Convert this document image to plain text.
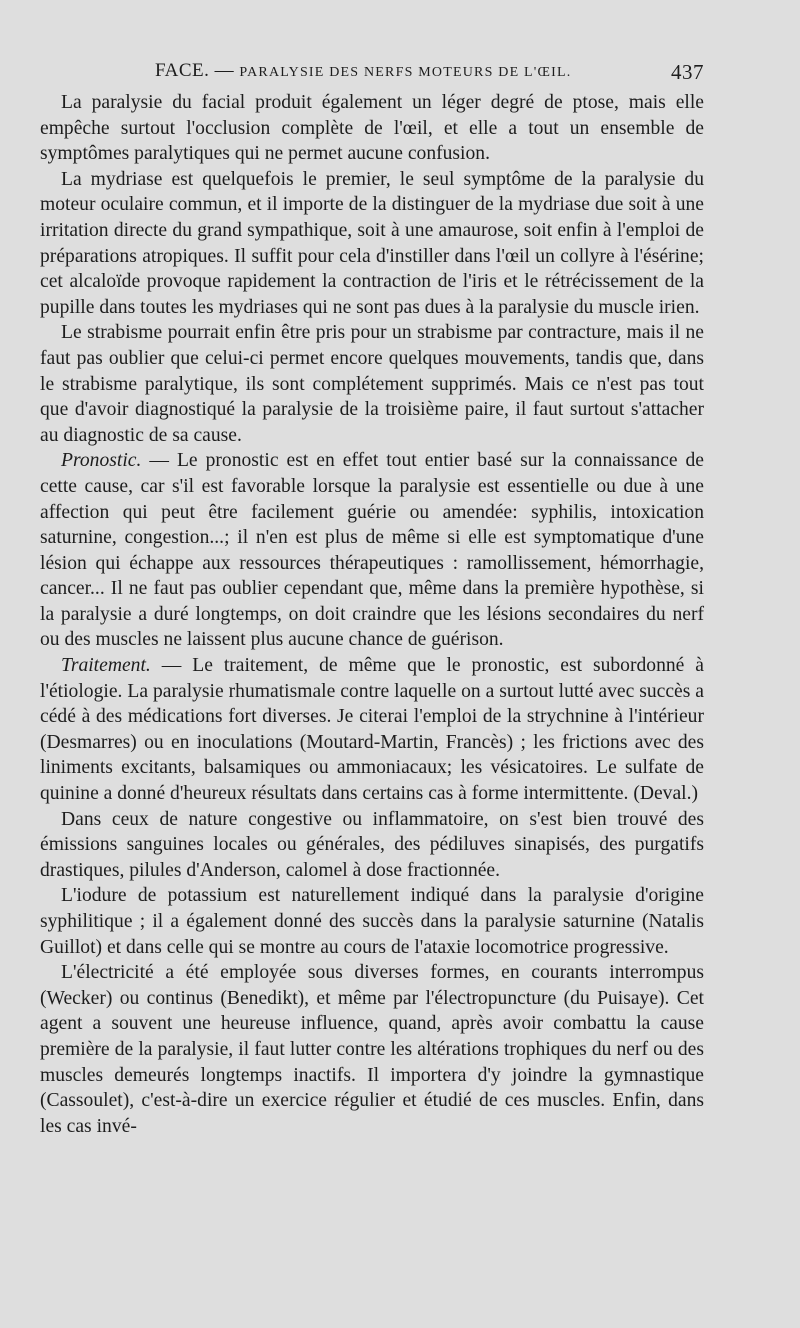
FACE. — PARALYSIE DES NERFS MOTEURS DE L'ŒIL.	437

La paralysie du facial produit également un léger degré de ptose, mais elle empêche surtout l'occlusion complète de l'œil, et elle a tout un ensemble de symptômes paralytiques qui ne permet aucune confusion.

La mydriase est quelquefois le premier, le seul symptôme de la paralysie du moteur oculaire commun, et il importe de la distinguer de la mydriase due soit à une irritation directe du grand sympathique, soit à une amaurose, soit enfin à l'emploi de préparations atropiques. Il suffit pour cela d'instiller dans l'œil un collyre à l'ésérine; cet alcaloïde provoque rapidement la contraction de l'iris et le rétrécissement de la pupille dans toutes les mydriases qui ne sont pas dues à la paralysie du muscle irien.

Le strabisme pourrait enfin être pris pour un strabisme par contracture, mais il ne faut pas oublier que celui-ci permet encore quelques mouvements, tandis que, dans le strabisme paralytique, ils sont complétement supprimés. Mais ce n'est pas tout que d'avoir diagnostiqué la paralysie de la troisième paire, il faut surtout s'attacher au diagnostic de sa cause.

Pronostic. — Le pronostic est en effet tout entier basé sur la connaissance de cette cause, car s'il est favorable lorsque la paralysie est essentielle ou due à une affection qui peut être facilement guérie ou amendée: syphilis, intoxication saturnine, congestion...; il n'en est plus de même si elle est symptomatique d'une lésion qui échappe aux ressources thérapeutiques : ramollissement, hémorrhagie, cancer... Il ne faut pas oublier cependant que, même dans la première hypothèse, si la paralysie a duré longtemps, on doit craindre que les lésions secondaires du nerf ou des muscles ne laissent plus aucune chance de guérison.

Traitement. — Le traitement, de même que le pronostic, est subordonné à l'étiologie. La paralysie rhumatismale contre laquelle on a surtout lutté avec succès a cédé à des médications fort diverses. Je citerai l'emploi de la strychnine à l'intérieur (Desmarres) ou en inoculations (Moutard-Martin, Francès) ; les frictions avec des liniments excitants, balsamiques ou ammoniacaux; les vésicatoires. Le sulfate de quinine a donné d'heureux résultats dans certains cas à forme intermittente. (Deval.)

Dans ceux de nature congestive ou inflammatoire, on s'est bien trouvé des émissions sanguines locales ou générales, des pédiluves sinapisés, des purgatifs drastiques, pilules d'Anderson, calomel à dose fractionnée.

L'iodure de potassium est naturellement indiqué dans la paralysie d'origine syphilitique ; il a également donné des succès dans la paralysie saturnine (Natalis Guillot) et dans celle qui se montre au cours de l'ataxie locomotrice progressive.

L'électricité a été employée sous diverses formes, en courants interrompus (Wecker) ou continus (Benedikt), et même par l'électropuncture (du Puisaye). Cet agent a souvent une heureuse influence, quand, après avoir combattu la cause première de la paralysie, il faut lutter contre les altérations trophiques du nerf ou des muscles demeurés longtemps inactifs. Il importera d'y joindre la gymnastique (Cassoulet), c'est-à-dire un exercice régulier et étudié de ces muscles. Enfin, dans les cas invé-
